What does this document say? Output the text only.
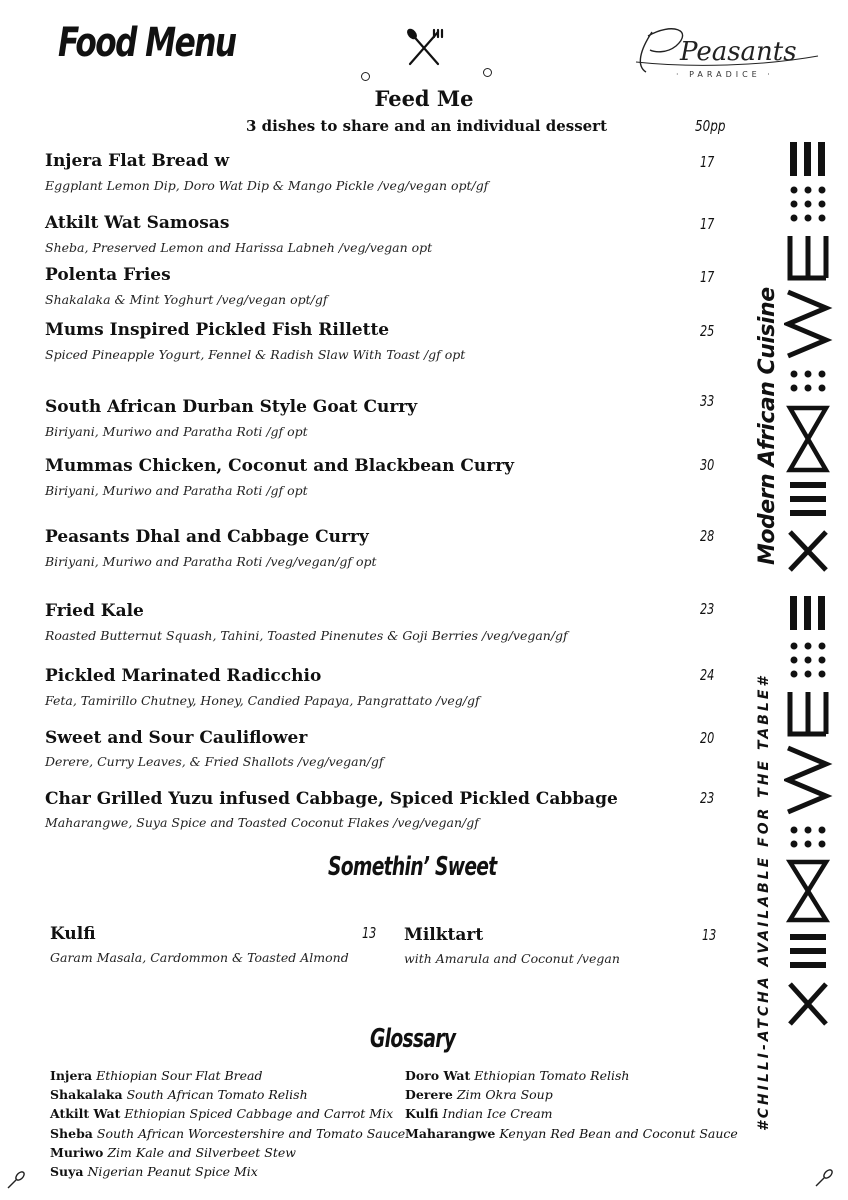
Food Menu	Peasants
· PARADICE ·
Feed Me
3 dishes to share and an individual dessert	50pp
Injera Flat Bread w
Eggplant Lemon Dip, Doro Wat Dip & Mango Pickle /veg/vegan opt/gf
17
Atkilt Wat Samosas
Sheba, Preserved Lemon and Harissa Labneh /veg/vegan opt
17
Polenta Fries
Shakalaka & Mint Yoghurt /veg/vegan opt/gf
17
Mums Inspired Pickled Fish Rillette
Spiced Pineapple Yogurt, Fennel & Radish Slaw With Toast /gf opt
25
South African Durban Style Goat Curry
Biriyani, Muriwo and Paratha Roti /gf opt
33
Mummas Chicken, Coconut and Blackbean Curry
Biriyani, Muriwo and Paratha Roti /gf opt
30
Peasants Dhal and Cabbage Curry
Biriyani, Muriwo and Paratha Roti /veg/vegan/gf opt
28
Fried Kale
Roasted Butternut Squash, Tahini, Toasted Pinenutes & Goji Berries /veg/vegan/gf
23
Pickled Marinated Radicchio
Feta, Tamirillo Chutney, Honey, Candied Papaya, Pangrattato /veg/gf
24
Sweet and Sour Cauliflower
Derere, Curry Leaves, & Fried Shallots /veg/vegan/gf
20
Char Grilled Yuzu infused Cabbage, Spiced Pickled Cabbage
Maharangwe, Suya Spice and Toasted Coconut Flakes /veg/vegan/gf
23
Somethin’ Sweet
Kulfi
Garam Masala, Cardommon & Toasted Almond
13 Milktart
with Amarula and Coconut /vegan
13
Glossary
Injera Ethiopian Sour Flat Bread
Shakalaka South African Tomato Relish
Atkilt Wat Ethiopian Spiced Cabbage and Carrot Mix
Sheba South African Worcestershire and Tomato Sauce
Muriwo Zim Kale and Silverbeet Stew
Suya Nigerian Peanut Spice Mix
Doro Wat Ethiopian Tomato Relish
Derere Zim Okra Soup
Kulfi Indian Ice Cream
Maharangwe Kenyan Red Bean and Coconut Sauce
Modern African Cuisine
#CHILLI-ATCHA AVAILABLE FOR THE TABLE#
